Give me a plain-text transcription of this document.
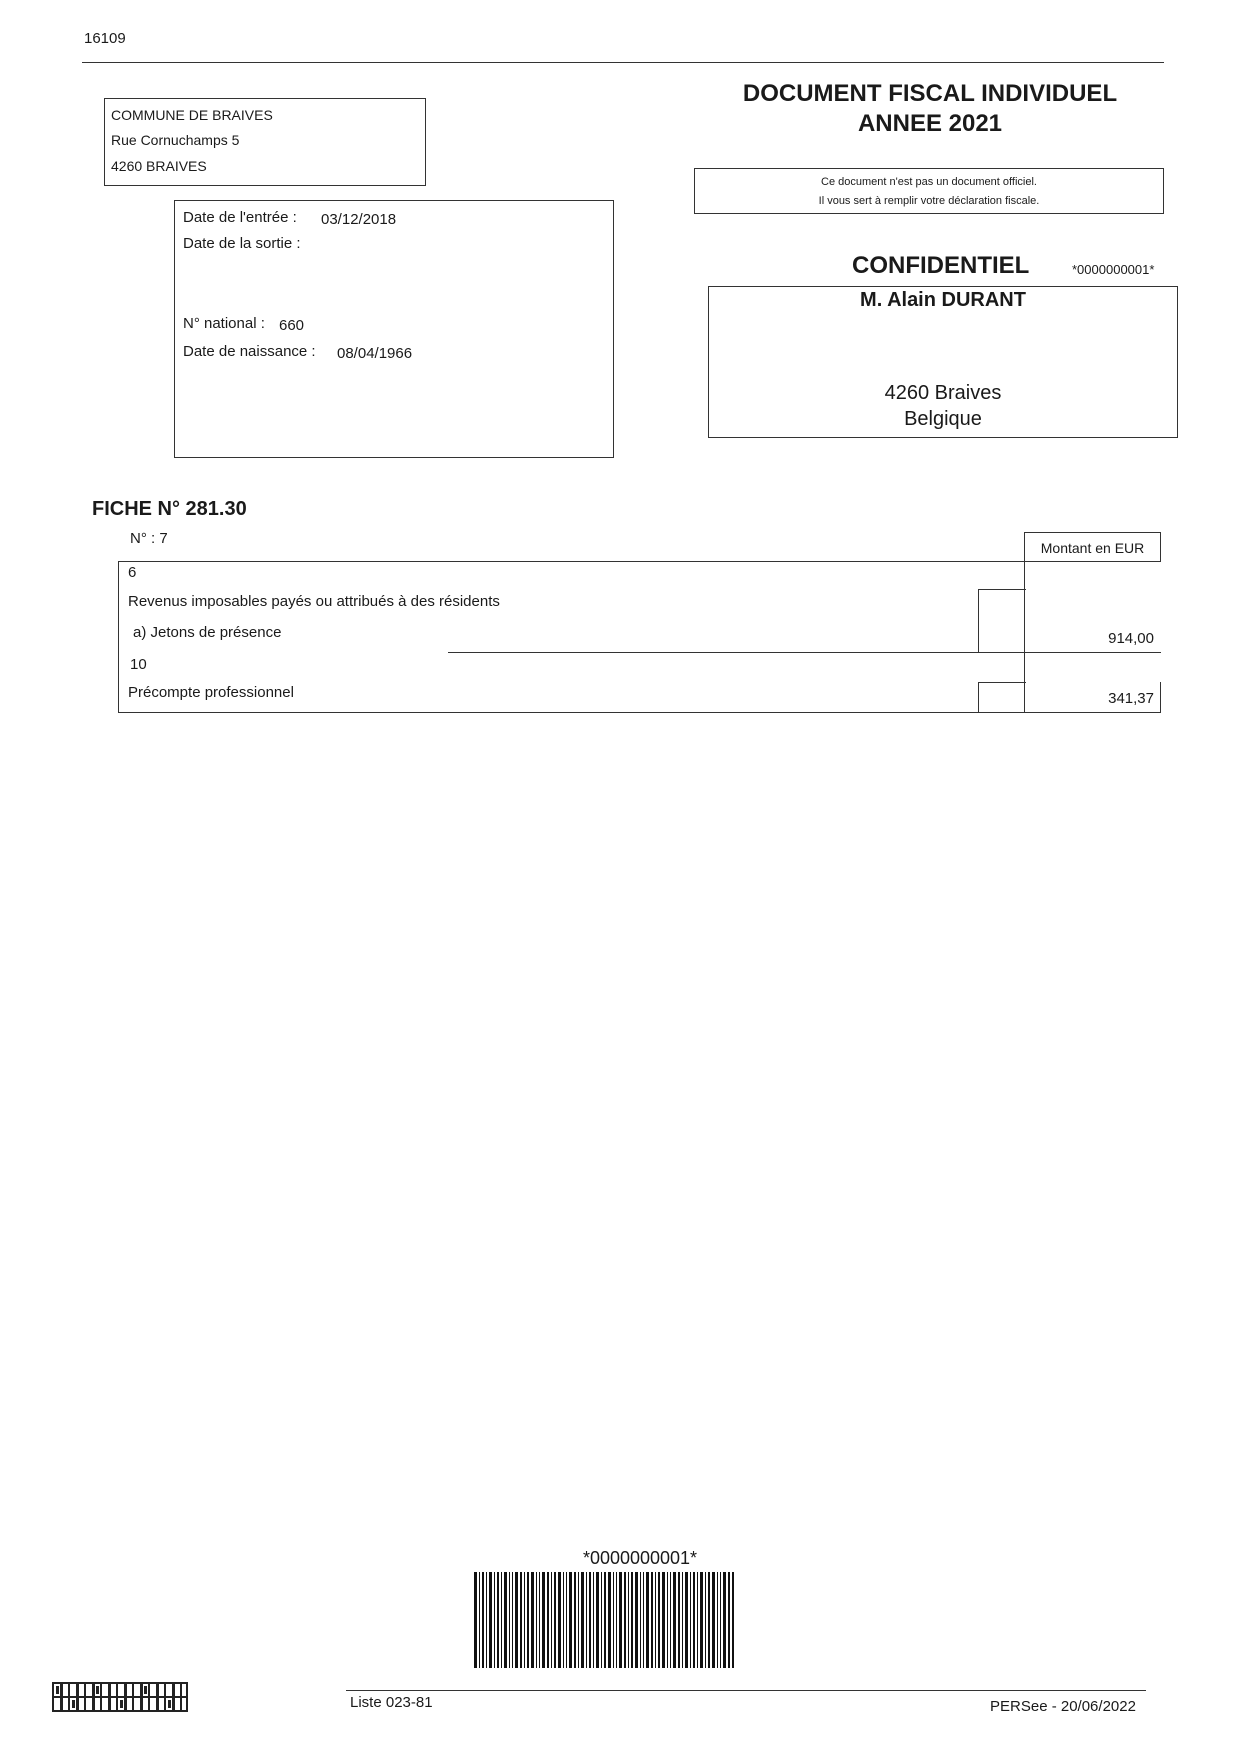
16109
COMMUNE DE BRAIVES
Rue Cornuchamps 5
4260 BRAIVES
DOCUMENT FISCAL INDIVIDUEL
ANNEE 2021
Ce document n'est pas un document officiel.
Il vous sert à remplir votre déclaration fiscale.
Date de l'entrée : 03/12/2018
Date de la sortie :
N° national : 660
Date de naissance : 08/04/1966
CONFIDENTIEL	*0000000001*
M. Alain DURANT
4260 Braives
Belgique
FICHE N° 281.30
N° : 7
Montant en EUR
6
Revenus imposables payés ou attribués à des résidents
a) Jetons de présence	914,00
10
Précompte professionnel	341,37
*0000000001*
Liste 023-81	PERSee - 20/06/2022
